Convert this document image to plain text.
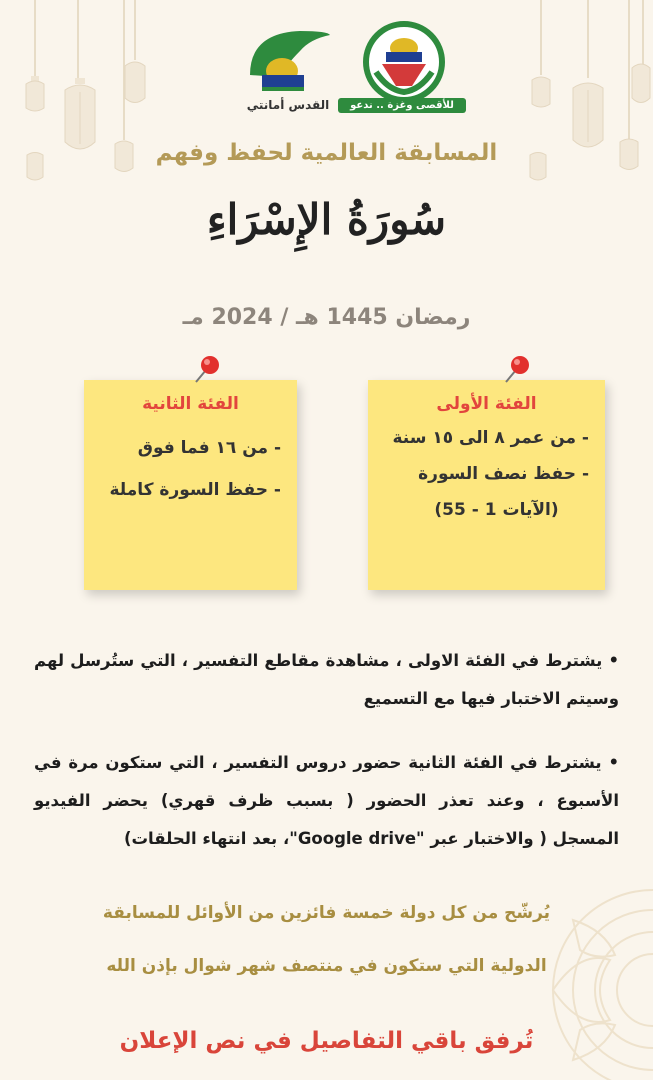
القدس أمانتي	للأقصى وغزة .. ندعو
المسابقة العالمية لحفظ وفهم
سُورَةُ الإِسْرَاءِ
رمضان 1445 هـ / 2024 مـ
الفئة الأولى
- من عمر ٨ الى ١٥ سنة
- حفظ نصف السورة
(الآيات 1 - 55)
الفئة الثانية
- من ١٦ فما فوق
- حفظ السورة كاملة
• يشترط في الفئة الاولى ، مشاهدة مقاطع التفسير ، التي ستُرسل لهم وسيتم الاختبار فيها مع التسميع
• يشترط في الفئة الثانية حضور دروس التفسير ، التي ستكون مرة في الأسبوع ، وعند تعذر الحضور ( بسبب ظرف قهري) يحضر الفيديو المسجل ( والاختبار عبر "Google drive"، بعد انتهاء الحلقات)
يُرشّح من كل دولة خمسة فائزين من الأوائل للمسابقة
الدولية التي ستكون في منتصف شهر شوال بإذن الله
تُرفق باقي التفاصيل في نص الإعلان
